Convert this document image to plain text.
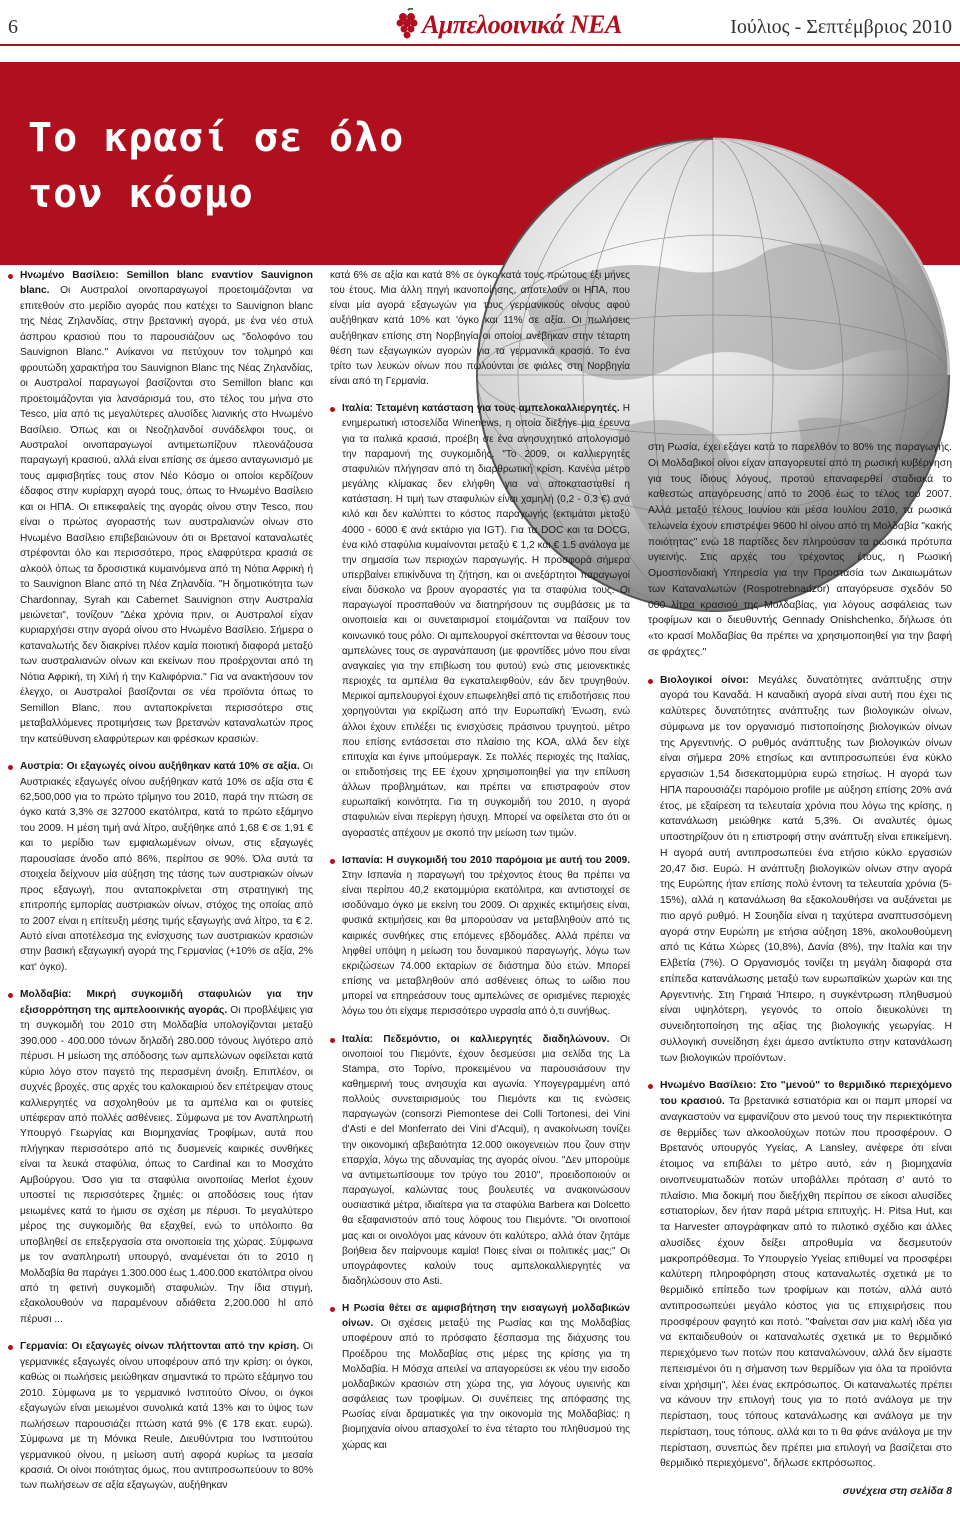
6	Αμπελοοινικά ΝΕΑ	Ιούλιος - Σεπτέμβριος 2010
Το κρασί σε όλο
τον κόσμο

Ηνωμένο Βασίλειο: Semillon blanc εναντίον Sauvignon blanc. Οι Αυστραλοί οινοπαραγωγοί προετοιμάζονται να επιτεθούν στο μερίδιο αγοράς που κατέχει το Sauvignon blanc της Νέας Ζηλανδίας, στην βρετανική αγορά, με ένα νέο στυλ άσπρου κρασιού που το παρουσιάζουν ως "δολοφόνο του Sauvignon Blanc." Ανίκανοι να πετύχουν τον τολμηρό και φρουτώδη χαρακτήρα του Sauvignon Blanc της Νέας Ζηλανδίας, οι Αυστραλοί παραγωγοί βασίζονται στο Semillon blanc και προετοιμάζονται για λανσάρισμά του, στο τέλος του μήνα στο Tesco, μία από τις μεγαλύτερες αλυσίδες λιανικής στο Ηνωμένο Βασίλειο. Όπως και οι Νεοζηλανδοί συνάδελφοι τους, οι Αυστραλοί οινοπαραγωγοί αντιμετωπίζουν πλεονάζουσα παραγωγή κρασιού, αλλά είναι επίσης σε άμεσο ανταγωνισμό με τους αμφισβητίες τους στον Νέο Κόσμο οι οποίοι κερδίζουν έδαφος στην κυρίαρχη αγορά τους, όπως το Ηνωμένο Βασίλειο και οι ΗΠΑ. Οι επικεφαλείς της αγοράς οίνου στην Tesco, που είναι ο πρώτος αγοραστής των αυστραλιανών οίνων στο Ηνωμένο Βασίλειο επιβεβαιώνουν ότι οι Βρετανοί καταναλωτές στρέφονται όλο και περισσότερο, προς ελαφρύτερα κρασιά σε αλκοόλ όπως τα δροσιστικά κυμαινόμενα από τη Νότια Αφρική ή το Sauvignon Blanc από τη Νέα Ζηλανδία. "Η δημοτικότητα των Chardonnay, Syrah και Cabernet Sauvignon στην Αυστραλία μειώνεται", τονίζουν "Δέκα χρόνια πριν, οι Αυστραλοί είχαν κυριαρχήσει στην αγορά οίνου στο Ηνωμένο Βασίλειο. Σήμερα ο καταναλωτής δεν διακρίνει πλέον καμία ποιοτική διαφορά μεταξύ των αυστραλιανών οίνων και εκείνων που προέρχονται από τη Νότια Αφρική, τη Χιλή ή την Καλιφόρνια." Για να ανακτήσουν τον έλεγχο, οι Αυστραλοί βασίζονται σε νέα προϊόντα όπως το Semillon Blanc, που ανταποκρίνεται περισσότερο στις μεταβαλλόμενες προτιμήσεις των βρετανών καταναλωτών προς την κατεύθυνση ελαφρύτερων και φρέσκων κρασιών.

Αυστρία: Οι εξαγωγές οίνου αυξήθηκαν κατά 10% σε αξία. Οι Αυστριακές εξαγωγές οίνου αυξήθηκαν κατά 10% σε αξία στα € 62,500,000 για το πρώτο τρίμηνο του 2010, παρά την πτώση σε όγκο κατά 3,3% σε 327000 εκατόλιτρα, κατά το πρώτο εξάμηνο του 2009. Η μέση τιμή ανά λίτρο, αυξήθηκε από 1,68 € σε 1,91 € και το μερίδιο των εμφιαλωμένων οίνων, στις εξαγωγές παρουσίασε άνοδο από 86%, περίπου σε 90%. Όλα αυτά τα στοιχεία δείχνουν μία αύξηση της τάσης των αυστριακών οίνων προς εξαγωγή, που ανταποκρίνεται στη στρατηγική της επιτροπής εμπορίας αυστριακών οίνων, στόχος της οποίας από το 2007 είναι η επίτευξη μέσης τιμής εξαγωγής ανά λίτρο, τα € 2. Αυτό είναι αποτέλεσμα της ενίσχυσης των αυστριακών κρασιών στην βασική εξαγωγική αγορά της Γερμανίας (+10% σε αξία, 2% κατ' όγκο).

Μολδαβία: Μικρή συγκομιδή σταφυλιών για την εξισορρόπηση της αμπελοοινικής αγοράς. Οι προβλέψεις για τη συγκομιδή του 2010 στη Μολδαβία υπολογίζονται μεταξύ 390.000 - 400.000 τόνων δηλαδή 280.000 τόνους λιγότερο από πέρυσι. Η μείωση της απόδοσης των αμπελώνων οφείλεται κατά κύριο λόγο στον παγετό της περασμένη άνοιξη. Επιπλέον, οι συχνές βροχές, στις αρχές του καλοκαιριού δεν επέτρεψαν στους καλλιεργητές να ασχοληθούν με τα αμπέλια και οι φυτείες υπέφεραν από πολλές ασθένειες. Σύμφωνα με τον Αναπληρωτή Υπουργό Γεωργίας και Βιομηχανίας Τροφίμων, αυτά που πλήγηκαν περισσότερο από τις δυσμενείς καιρικές συνθήκες είναι τα λευκά σταφύλια, όπως το Cardinal και το Μοσχάτο Αμβούργου. Όσο για τα σταφύλια οινοποιίας Merlot έχουν υποστεί τις περισσότερες ζημιές: οι αποδόσεις τους ήταν μειωμένες κατά το ήμισυ σε σχέση με πέρυσι. Το μεγαλύτερο μέρος της συγκομιδής θα εξαχθεί, ενώ το υπόλοιπο θα υποβληθεί σε επεξεργασία στα οινοποιεία της χώρας. Σύμφωνα με τον αναπληρωτή υπουργό, αναμένεται ότι το 2010 η Μολδαβία θα παράγει 1.300.000 έως 1.400.000 εκατόλιτρα οίνου από τη φετινή συγκομιδή σταφυλιών. Την ίδια στιγμή, εξακολουθούν να παραμένουν αδιάθετα 2,200.000 hl από πέρυσι ...

Γερμανία: Οι εξαγωγές οίνων πλήττονται από την κρίση. Οι γερμανικές εξαγωγές οίνου υποφέρουν από την κρίση: οι όγκοι, καθώς οι πωλήσεις μειώθηκαν σημαντικά το πρώτο εξάμηνο του 2010. Σύμφωνα με το γερμανικό Ινστιτούτο Οίνου, οι όγκοι εξαγωγών είναι μειωμένοι συνολικά κατά 13% και το ύψος των πωλήσεων παρουσιάζει πτώση κατά 9% (€ 178 εκατ. ευρώ). Σύμφωνα με τη Μόνικα Reule, Διευθύντρια του Ινστιτούτου γερμανικού οίνου, η μείωση αυτή αφορά κυρίως τα μεσαία κρασιά. Οι οίνοι ποιότητας όμως, που αντιπροσωπεύουν το 80% των πωλήσεων σε αξία εξαγωγών, αυξήθηκαν

κατά 6% σε αξία και κατά 8% σε όγκο κατά τους πρώτους έξι μήνες του έτους. Μια άλλη πηγή ικανοποίησης, αποτελούν οι ΗΠΑ, που είναι μία αγορά εξαγωγών για τους γερμανικούς οίνους αφού αυξήθηκαν κατά 10% κατ 'όγκο και 11% σε αξία. Οι πωλήσεις αυξήθηκαν επίσης στη Νορβηγία οι οποίοι ανέβηκαν στην τέταρτη θέση των εξαγωγικών αγορών για τα γερμανικά κρασιά. Το ένα τρίτο των λευκών οίνων που πωλούνται σε φιάλες στη Νορβηγία είναι από τη Γερμανία.

Ιταλία: Τεταμένη κατάσταση για τους αμπελοκαλλιεργητές. Η ενημερωτική ιστοσελίδα Winenews, η οποία διεξήγε μια έρευνα για τα ιταλικά κρασιά, προέβη σε ένα ανησυχητικό απολογισμό την παραμονή της συγκομιδής. "Το 2009, οι καλλιεργητές σταφυλιών πλήγησαν από τη διαρθρωτική κρίση. Κανένα μέτρο μεγάλης κλίμακας δεν ελήφθη για να αποκατασταθεί η κατάσταση. Η τιμή των σταφυλιών είναι χαμηλή (0,2 - 0,3 €) ανά κιλό και δεν καλύπτει το κόστος παραγωγής (εκτιμάται μεταξύ 4000 - 6000 € ανά εκτάριο για IGT). Για τα DOC και τα DOCG, ένα κιλό σταφύλια κυμαίνονται μεταξύ € 1,2 και € 1.5 ανάλογα με την σημασία των περιοχών παραγωγής. Η προσφορά σήμερα υπερβαίνει επικίνδυνα τη ζήτηση, και οι ανεξάρτητοι παραγωγοί είναι δύσκολο να βρουν αγοραστές για τα σταφύλια τους. Οι παραγωγοί προσπαθούν να διατηρήσουν τις συμβάσεις με τα οινοποιεία και οι συνεταιρισμοί ετοιμάζονται να παίξουν τον κοινωνικό τους ρόλο. Οι αμπελουργοί σκέπτονται να θέσουν τους αμπελώνες τους σε αγρανάπαυση (με φροντίδες μόνο που είναι αναγκαίες για την επιβίωση του φυτού) ενώ στις μειονεκτικές περιοχές τα αμπέλια θα εγκαταλειφθούν, εάν δεν τρυγηθούν. Μερικοί αμπελουργοί έχουν επωφεληθεί από τις επιδοτήσεις που χορηγούνται για εκρίζωση από την Ευρωπαϊκή Ένωση, ενώ άλλοι έχουν επιλέξει τις ενισχύσεις πράσινου τρυγητού, μέτρο που επίσης εντάσσεται στο πλαίσιο της ΚΟΑ, αλλά δεν είχε επιτυχία και έγινε μπούμεραγκ. Σε πολλές περιοχές της Ιταλίας, οι επιδοτήσεις της ΕΕ έχουν χρησιμοποιηθεί για την επίλυση άλλων προβλημάτων, και πρέπει να επιστραφούν στον ευρωπαϊκή κοινότητα. Για τη συγκομιδή του 2010, η αγορά σταφυλιών είναι περίεργη ήσυχη. Μπορεί να οφείλεται στο ότι οι αγοραστές απέχουν με σκοπό την μείωση των τιμών.

Ισπανία: Η συγκομιδή του 2010 παρόμοια με αυτή του 2009. Στην Ισπανία η παραγωγή του τρέχοντος έτους θα πρέπει να είναι περίπου 40,2 εκατομμύρια εκατόλιτρα, και αντιστοιχεί σε ισοδύναμο όγκο με εκείνη του 2009. Οι αρχικές εκτιμήσεις είναι, φυσικά εκτιμήσεις και θα μπορούσαν να μεταβληθούν από τις καιρικές συνθήκες στις επόμενες εβδομάδες. Αλλά πρέπει να ληφθεί υπόψη η μείωση του δυναμικού παραγωγής, λόγω των εκριζώσεων 74.000 εκταρίων σε διάστημα δύο ετών. Μπορεί επίσης να μεταβληθούν από ασθένειες όπως το ωίδιο που μπορεί να επηρεάσουν τους αμπελώνες σε ορισμένες περιοχές λόγω του ότι είχαμε περισσότερο υγρασία από ό,τι συνήθως.

Ιταλία: Πεδεμόντιο, οι καλλιεργητές διαδηλώνουν. Οι οινοποιοί του Πιεμόντε, έχουν δεσμεύσει μια σελίδα της La Stampa, στο Τορίνο, προκειμένου να παρουσιάσουν την καθημερινή τους ανησυχία και αγωνία. Υπογεγραμμένη από πολλούς συνεταιρισμούς του Πιεμόντε και τις ενώσεις παραγωγών (consorzi Piemontese dei Colli Tortonesi, dei Vini d'Asti e del Monferrato dei Vini d'Acqui), η ανακοίνωση τονίζει την οικονομική αβεβαιότητα 12.000 οικογενειών που ζουν στην επαρχία, λόγω της αδυναμίας της αγοράς οίνου. "Δεν μπορούμε να αντιμετωπίσουμε τον τρύγο του 2010", προειδοποιούν οι παραγωγοί, καλώντας τους βουλευτές να ανακοινώσουν ουσιαστικά μέτρα, ιδιαίτερα για τα σταφύλια Barbera και Dolcetto θα εξαφανιστούν από τους λόφους του Πιεμόντε. "Οι οινοποιοί μας και οι οινολόγοι μας κάνουν ότι καλύτερο, αλλά όταν ζητάμε βοήθεια δεν παίρνουμε καμία! Ποιες είναι οι πολιτικές μας;" Οι υπογράφοντες καλούν τους αμπελοκαλλιεργητές να διαδηλώσουν στο Asti.

Η Ρωσία θέτει σε αμφισβήτηση την εισαγωγή μολδαβικών οίνων. Οι σχέσεις μεταξύ της Ρωσίας και της Μολδαβίας υποφέρουν από το πρόσφατο ξέσπασμα της διάχυσης του Προέδρου της Μολδαβίας στις μέρες της κρίσης για τη Μολδαβία. Η Μόσχα απειλεί να απαγορεύσει εκ νέου την εισοδο μολδαβικών κρασιών στη χώρα της, για λόγους υγιεινής και ασφάλειας των τροφίμων. Οι συνέπειες της απόφασης της Ρωσίας είναι δραματικές για την οικονομία της Μολδαβίας: η βιομηχανία οίνου απασχολεί το ένα τέταρτο του πληθυσμού της χώρας και

στη Ρωσία, έχει εξάγει κατά το παρελθόν το 80% της παραγωγής. Οι Μολδαβικοί οίνοι είχαν απαγορευτεί από τη ρωσική κυβέρνηση για τους ίδιους λόγους, προτού επαναφερθεί σταδιακά το καθεστώς απαγόρευσης από το 2006 έως το τέλος του 2007. Αλλά μεταξύ τέλους Ιουνίου και μέσα Ιουλίου 2010, τα ρωσικά τελωνεία έχουν επιστρέψει 9600 hl οίνου από τη Μολδαβία "κακής ποιότητας" ενώ 18 παρτίδες δεν πληρούσαν τα ρωσικά πρότυπα υγιεινής. Στις αρχές του τρέχοντος έτους, η Ρωσική Ομοσπονδιακή Υπηρεσία για την Προστασία των Δικαιωμάτων των Καταναλωτών (Rospotrebnadzor) απαγόρευσε σχεδόν 50 000 λίτρα κρασιού της Μολδαβίας, για λόγους ασφάλειας των τροφίμων και ο διευθυντής Gennady Onishchenko, δήλωσε ότι «το κρασί Μολδαβίας θα πρέπει να χρησιμοποιηθεί για την βαφή σε φράχτες."

Βιολογικοί οίνοι: Μεγάλες δυνατότητες ανάπτυξης στην αγορά του Καναδά. Η καναδική αγορά είναι αυτή που έχει τις καλύτερες δυνατότητες ανάπτυξης των βιολογικών οίνων, σύμφωνα με τον οργανισμό πιστοποίησης βιολογικών οίνων της Αργεντινής. Ο ρυθμός ανάπτυξης των βιολογικών οίνων είναι σήμερα 20% ετησίως και αντιπροσωπεύει ένα κύκλο εργασιών 1,54 δισεκατομμύρια ευρώ ετησίως. Η αγορά των ΗΠΑ παρουσιάζει παρόμοιο profile με αύξηση επίσης 20% ανά έτος, με εξαίρεση τα τελευταία χρόνια που λόγω της κρίσης, η κατανάλωση μειώθηκε κατά 5,3%. Οι αναλυτές όμως υποστηρίζουν ότι η επιστροφή στην ανάπτυξη είναι επικείμενη. Η αγορά αυτή αντιπροσωπεύει ένα ετήσιο κύκλο εργασιών 20,47 δισ. Ευρώ. Η ανάπτυξη βιολογικών οίνων στην αγορά της Ευρώπης ήταν επίσης πολύ έντονη τα τελευταία χρόνια (5-15%), αλλά η κατανάλωση θα εξακολουθήσει να αυξάνεται με πιο αργό ρυθμό. Η Σουηδία είναι η ταχύτερα αναπτυσσόμενη αγορά στην Ευρώπη με ετήσια αύξηση 18%, ακολουθούμενη από τις Κάτω Χώρες (10,8%), Δανία (8%), την Ιταλία και την Ελβετία (7%). Ο Οργανισμός τονίζει τη μεγάλη διαφορά στα επίπεδα κατανάλωσης μεταξύ των ευρωπαϊκών χωρών και της Αργεντινής. Στη Γηραιά Ήπειρο, η συγκέντρωση πληθυσμού είναι υψηλότερη, γεγονός το οποίο διευκολύνει τη συνειδητοποίηση της αξίας της βιολογικής γεωργίας. Η συλλογική συνείδηση έχει άμεσο αντίκτυπο στην κατανάλωση των βιολογικών προϊόντων.

Ηνωμένο Βασίλειο: Στο "μενού" το θερμιδικό περιεχόμενο του κρασιού. Τα βρετανικά εστιατόρια και οι παμπ μπορεί να αναγκαστούν να εμφανίζουν στο μενού τους την περιεκτικότητα σε θερμίδες των αλκοολούχων ποτών που προσφέρουν. Ο Βρετανός υπουργός Υγείας, Α Lansley, ανέφερε ότι είναι έτοιμος να επιβάλει το μέτρο αυτό, εάν η βιομηχανία οινοπνευματωδών ποτών υποβάλλει πρόταση σ' αυτό το πλαίσιο. Μια δοκιμή που διεξήχθη περίπου σε είκοσι αλυσίδες εστιατορίων, δεν ήταν παρά μέτρια επιτυχής. Η. Pitsa Hut, και τα Harvester απογράφηκαν από το πιλοτικό σχέδιο και άλλες αλυσίδες έχουν δείξει απροθυμία να δεσμευτούν μακροπρόθεσμα. Το Υπουργείο Υγείας επιθυμεί να προσφέρει καλύτερη πληροφόρηση στους καταναλωτές σχετικά με το θερμιδικό επίπεδο των τροφίμων και ποτών, αλλά αυτό αντιπροσωπεύει μεγάλο κόστος για τις επιχειρήσεις που προσφέρουν φαγητό και ποτό. "Φαίνεται σαν μια καλή ιδέα για να εκπαιδευθούν οι καταναλωτές σχετικά με το θερμιδικό περιεχόμενο των ποτών που καταναλώνουν, αλλά δεν είμαστε πεπεισμένοι ότι η σήμανση των θερμίδων για όλα τα προϊόντα είναι χρήσιμη", λέει ένας εκπρόσωπος. Οι καταναλωτές πρέπει να κάνουν την επιλογή τους για το ποτό ανάλογα με την περίσταση, τους τόπους κατανάλωσης και ανάλογα με την περίσταση, τους τόπους. αλλά και το τι θα φάνε ανάλογα με την περίσταση, συνεπώς δεν πρέπει μια επιλογή να βασίζεται στο θερμιδικό περιεχόμενο", δήλωσε εκπρόσωπος.

συνέχεια στη σελίδα 8
